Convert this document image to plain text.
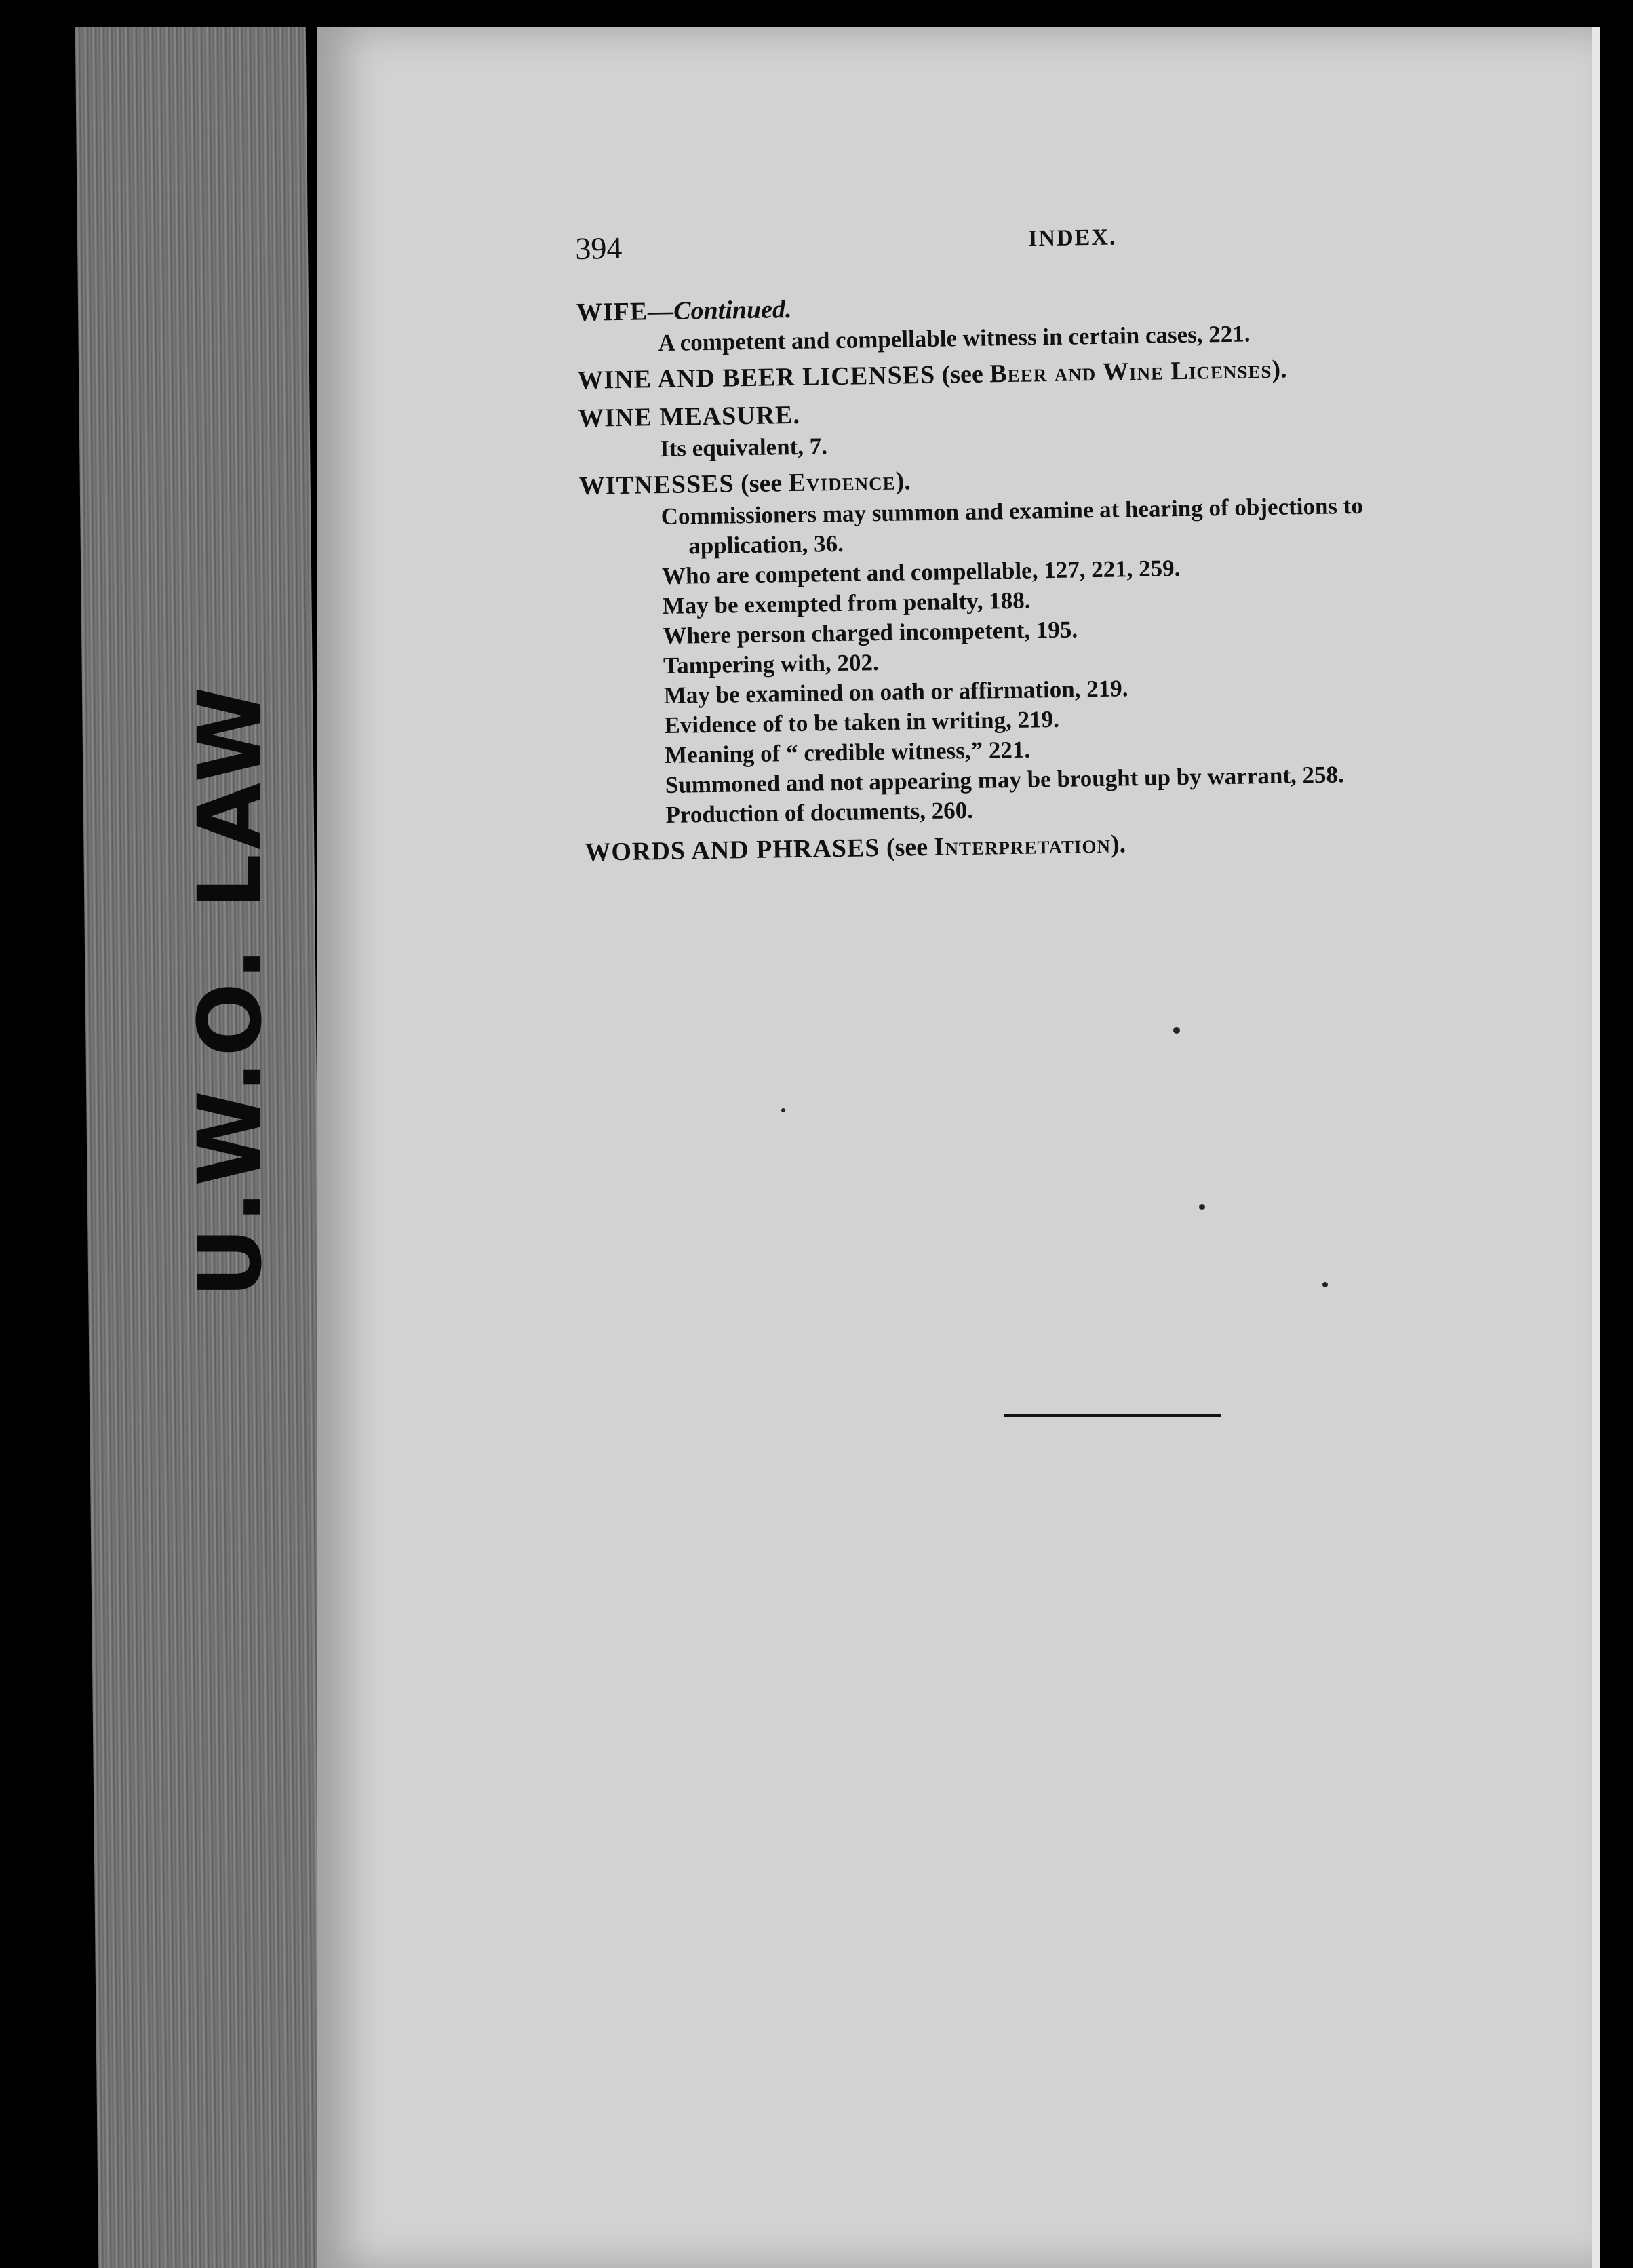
U.W.O. LAW
394	INDEX.
WIFE—Continued.
A competent and compellable witness in certain cases, 221.
WINE AND BEER LICENSES (see Beer and Wine Licenses).
WINE MEASURE.
Its equivalent, 7.
WITNESSES (see Evidence).
Commissioners may summon and examine at hearing of objections to
application, 36.
Who are competent and compellable, 127, 221, 259.
May be exempted from penalty, 188.
Where person charged incompetent, 195.
Tampering with, 202.
May be examined on oath or affirmation, 219.
Evidence of to be taken in writing, 219.
Meaning of “ credible witness,” 221.
Summoned and not appearing may be brought up by warrant, 258.
Production of documents, 260.
WORDS AND PHRASES (see Interpretation).
